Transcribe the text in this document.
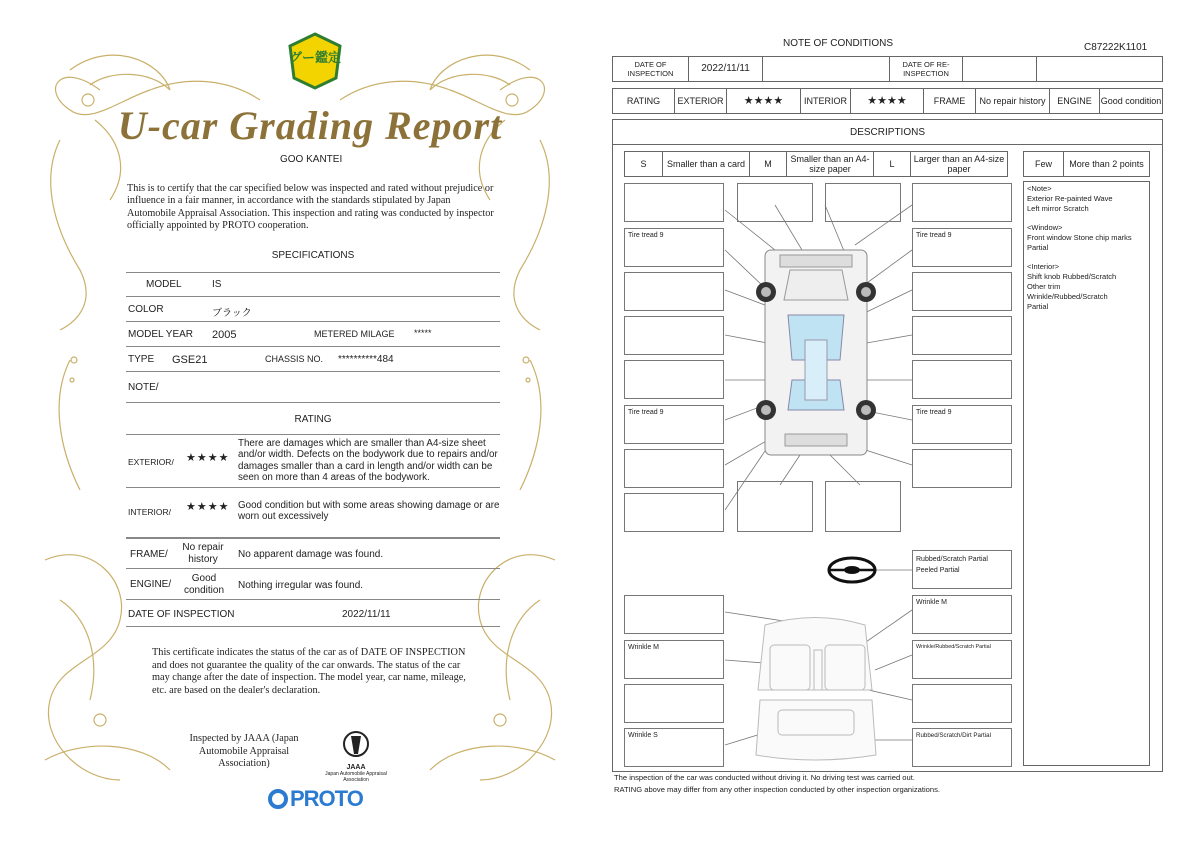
グー鑑定
U-car Grading Report
GOO KANTEI
This is to certify that the car specified below was inspected and rated without prejudice or influence in a fair manner, in accordance with the standards stipulated by Japan Automobile Appraisal Association. This inspection and rating was conducted by inspector officially appointed by PROTO cooperation.
SPECIFICATIONS
MODEL	IS
COLOR	ブラック
MODEL YEAR 2005	METERED MILAGE *****
TYPE GSE21	CHASSIS NO. **********484
NOTE/
RATING
EXTERIOR/ ★★★★
There are damages which are smaller than A4-size sheet and/or width. Defects on the bodywork due to repairs and/or damages smaller than a card in length and/or width can be seen on more than 4 areas of the bodywork.
INTERIOR/ ★★★★ Good condition but with some areas showing damage or are worn out excessively
FRAME/
No repair history	No apparent damage was found.
ENGINE/
Good condition	Nothing irregular was found.
DATE OF INSPECTION	2022/11/11
This certificate indicates the status of the car as of DATE OF INSPECTION and does not guarantee the quality of the car onwards. The status of the car may change after the date of inspection. The model year, car name, mileage, etc. are based on the dealer's declaration.
Inspected by JAAA (Japan Automobile Appraisal Association)	JAAA
Japan Automobile Appraisal Association
PROTO
NOTE OF CONDITIONS	C87222K1101
DATE OF INSPECTION	2022/11/11	DATE OF RE-INSPECTION
RATING	EXTERIOR	★★★★	INTERIOR	★★★★	FRAME	No repair history	ENGINE Good condition
DESCRIPTIONS
S	Smaller than a card	M	Smaller than an A4-size paper	L	Larger than an A4-size paper	Few	More than 2 points
<Note>
Exterior Re-painted Wave
Left mirror Scratch
<Window>
Front window Stone chip marks
Partial
<Interior>
Shift knob Rubbed/Scratch
Other trim
Wrinkle/Rubbed/Scratch
Partial
Tire tread 9	Tire tread 9
Tire tread 9	Tire tread 9
Rubbed/Scratch Partial Peeled Partial
Wrinkle M
Wrinkle M	Wrinkle/Rubbed/Scratch Partial
Wrinkle S	Rubbed/Scratch/Dirt Partial
The inspection of the car was conducted without driving it. No driving test was carried out.
RATING above may differ from any other inspection conducted by other inspection organizations.
